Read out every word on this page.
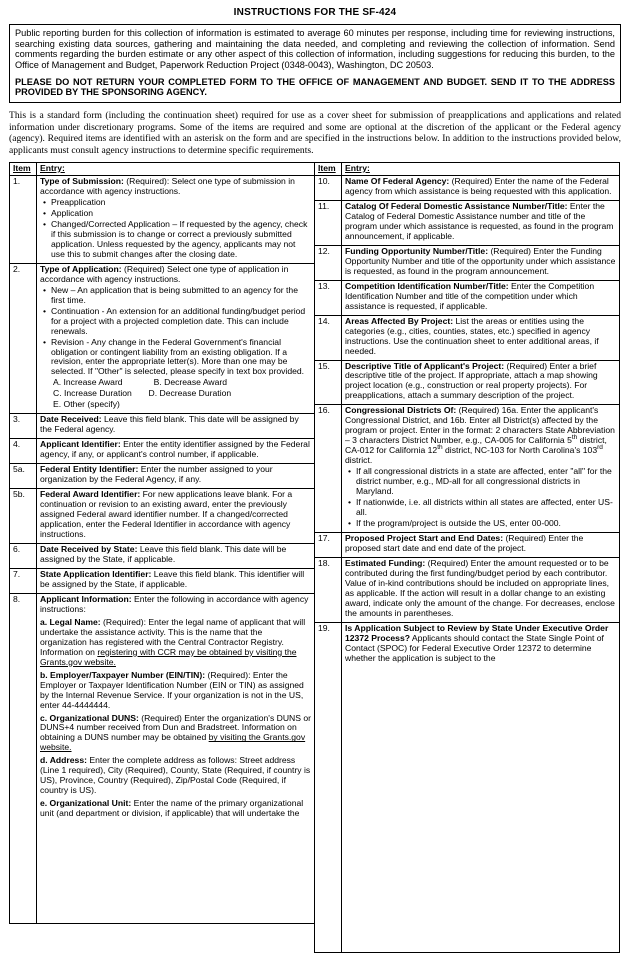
INSTRUCTIONS FOR THE SF-424

Public reporting burden for this collection of information is estimated to average 60 minutes per response, including time for reviewing instructions, searching existing data sources, gathering and maintaining the data needed, and completing and reviewing the collection of information. Send comments regarding the burden estimate or any other aspect of this collection of information, including suggestions for reducing this burden, to the Office of Management and Budget, Paperwork Reduction Project (0348-0043), Washington, DC 20503.

PLEASE DO NOT RETURN YOUR COMPLETED FORM TO THE OFFICE OF MANAGEMENT AND BUDGET. SEND IT TO THE ADDRESS PROVIDED BY THE SPONSORING AGENCY.

This is a standard form (including the continuation sheet) required for use as a cover sheet for submission of preapplications and applications and related information under discretionary programs. Some of the items are required and some are optional at the discretion of the applicant or the Federal agency (agency). Required items are identified with an asterisk on the form and are specified in the instructions below. In addition to the instructions provided below, applicants must consult agency instructions to determine specific requirements.

Item	Entry:
1.	Type of Submission: (Required): Select one type of submission in accordance with agency instructions.
• Preapplication
• Application
• Changed/Corrected Application – If requested by the agency, check if this submission is to change or correct a previously submitted application. Unless requested by the agency, applicants may not use this to submit changes after the closing date.

2.	Type of Application: (Required) Select one type of application in accordance with agency instructions.
• New – An application that is being submitted to an agency for the first time.
• Continuation - An extension for an additional funding/budget period for a project with a projected completion date. This can include renewals.
• Revision - Any change in the Federal Government's financial obligation or contingent liability from an existing obligation. If a revision, enter the appropriate letter(s). More than one may be selected. If "Other" is selected, please specify in text box provided.
A. Increase Award             B. Decrease Award
C. Increase Duration       D. Decrease Duration
E. Other (specify)

3.	Date Received: Leave this field blank. This date will be assigned by the Federal agency.

4.	Applicant Identifier: Enter the entity identifier assigned by the Federal agency, if any, or applicant's control number, if applicable.

5a.	Federal Entity Identifier: Enter the number assigned to your organization by the Federal Agency, if any.

5b.	Federal Award Identifier: For new applications leave blank. For a continuation or revision to an existing award, enter the previously assigned Federal award identifier number. If a changed/corrected application, enter the Federal Identifier in accordance with agency instructions.

6.	Date Received by State: Leave this field blank. This date will be assigned by the State, if applicable.

7.	State Application Identifier: Leave this field blank. This identifier will be assigned by the State, if applicable.

8.	Applicant Information: Enter the following in accordance with agency instructions:
a. Legal Name: (Required): Enter the legal name of applicant that will undertake the assistance activity. This is the name that the organization has registered with the Central Contractor Registry. Information on registering with CCR may be obtained by visiting the Grants.gov website.
b. Employer/Taxpayer Number (EIN/TIN): (Required): Enter the Employer or Taxpayer Identification Number (EIN or TIN) as assigned by the Internal Revenue Service. If your organization is not in the US, enter 44-4444444.
c. Organizational DUNS: (Required) Enter the organization's DUNS or DUNS+4 number received from Dun and Bradstreet. Information on obtaining a DUNS number may be obtained by visiting the Grants.gov website.
d. Address: Enter the complete address as follows: Street address (Line 1 required), City (Required), County, State (Required, if country is US), Province, Country (Required), Zip/Postal Code (Required, if country is US).
e. Organizational Unit: Enter the name of the primary organizational unit (and department or division, if applicable) that will undertake the
Item	Entry:
10.	Name Of Federal Agency: (Required) Enter the name of the Federal agency from which assistance is being requested with this application.

11.	Catalog Of Federal Domestic Assistance Number/Title: Enter the Catalog of Federal Domestic Assistance number and title of the program under which assistance is requested, as found in the program announcement, if applicable.

12.	Funding Opportunity Number/Title: (Required) Enter the Funding Opportunity Number and title of the opportunity under which assistance is requested, as found in the program announcement.

13.	Competition Identification Number/Title: Enter the Competition Identification Number and title of the competition under which assistance is requested, if applicable.

14.	Areas Affected By Project: List the areas or entities using the categories (e.g., cities, counties, states, etc.) specified in agency instructions. Use the continuation sheet to enter additional areas, if needed.

15.	Descriptive Title of Applicant's Project: (Required) Enter a brief descriptive title of the project. If appropriate, attach a map showing project location (e.g., construction or real property projects). For preapplications, attach a summary description of the project.

16.	Congressional Districts Of: (Required) 16a. Enter the applicant's Congressional District, and 16b. Enter all District(s) affected by the program or project. Enter in the format: 2 characters State Abbreviation – 3 characters District Number, e.g., CA-005 for California 5th district, CA-012 for California 12th district, NC-103 for North Carolina's 103rd district.
• If all congressional districts in a state are affected, enter "all" for the district number, e.g., MD-all for all congressional districts in Maryland.
• If nationwide, i.e. all districts within all states are affected, enter US-all.
• If the program/project is outside the US, enter 00-000.

17.	Proposed Project Start and End Dates: (Required) Enter the proposed start date and end date of the project.

18.	Estimated Funding: (Required) Enter the amount requested or to be contributed during the first funding/budget period by each contributor. Value of in-kind contributions should be included on appropriate lines, as applicable. If the action will result in a dollar change to an existing award, indicate only the amount of the change. For decreases, enclose the amounts in parentheses.

19.	Is Application Subject to Review by State Under Executive Order 12372 Process? Applicants should contact the State Single Point of Contact (SPOC) for Federal Executive Order 12372 to determine whether the application is subject to the
